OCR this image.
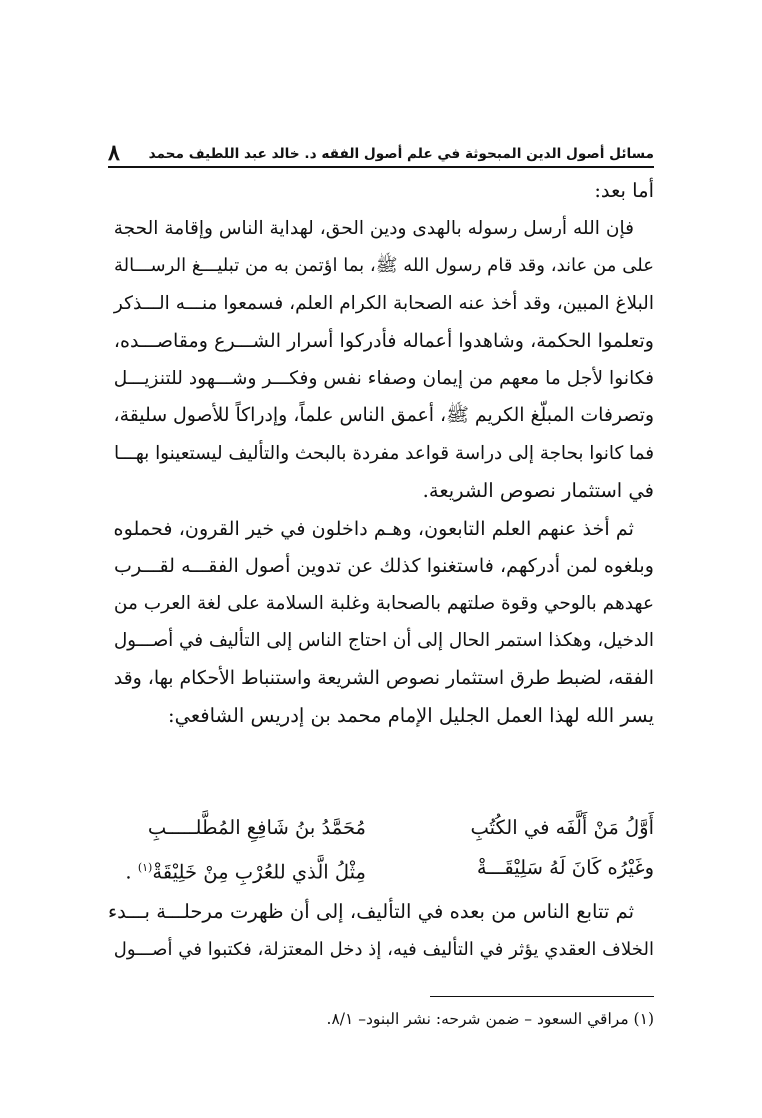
مسائل أصول الدين المبحوثة في علم أصول الفقه د. خالد عبد اللطيف محمد
٨

أما بعد:

فإن الله أرسل رسوله بالهدى ودين الحق، لهداية الناس وإقامة الحجة

على من عاند، وقد قام رسول الله ﷺ، بما اؤتمن به من تبليـــغ الرســـالة

البلاغ المبين، وقد أخذ عنه الصحابة الكرام العلم، فسمعوا منـــه الـــذكر

وتعلموا الحكمة، وشاهدوا أعماله فأدركوا أسرار الشـــرع ومقاصـــده،

فكانوا لأجل ما معهم من إيمان وصفاء نفس وفكـــر وشـــهود للتنزيـــل

وتصرفات المبلّغ الكريم ﷺ، أعمق الناس علماً، وإدراكاً للأصول سليقة،

فما كانوا بحاجة إلى دراسة قواعد مفردة بالبحث والتأليف ليستعينوا بهـــا

في استثمار نصوص الشريعة.

ثم أخذ عنهم العلم التابعون، وهـم داخلون في خير القرون، فحملوه

وبلغوه لمن أدركهم، فاستغنوا كذلك عن تدوين أصول الفقـــه لقـــرب

عهدهم بالوحي وقوة صلتهم بالصحابة وغلبة السلامة على لغة العرب من

الدخيل، وهكذا استمر الحال إلى أن احتاج الناس إلى التأليف في أصـــول

الفقه، لضبط طرق استثمار نصوص الشريعة واستنباط الأحكام بها، وقد

يسر الله لهذا العمل الجليل الإمام محمد بن إدريس الشافعي:

أَوَّلُ مَنْ أَلَّفَه في الكُتُبِ
مُحَمَّدُ بنُ شَافِعِ المُطَّلـــــبِ
وغَيْرُه كَانَ لَهُ سَلِيْقَـــةْ
مِثْلُ الَّذي للعُرْبِ مِنْ خَلِيْقَةْ$^{(١)}$ .

ثم تتابع الناس من بعده في التأليف، إلى أن ظهرت مرحلـــة بـــدء

الخلاف العقدي يؤثر في التأليف فيه، إذ دخل المعتزلة، فكتبوا في أصـــول

(١) مراقي السعود – ضمن شرحه: نشر البنود– ٨/١.
